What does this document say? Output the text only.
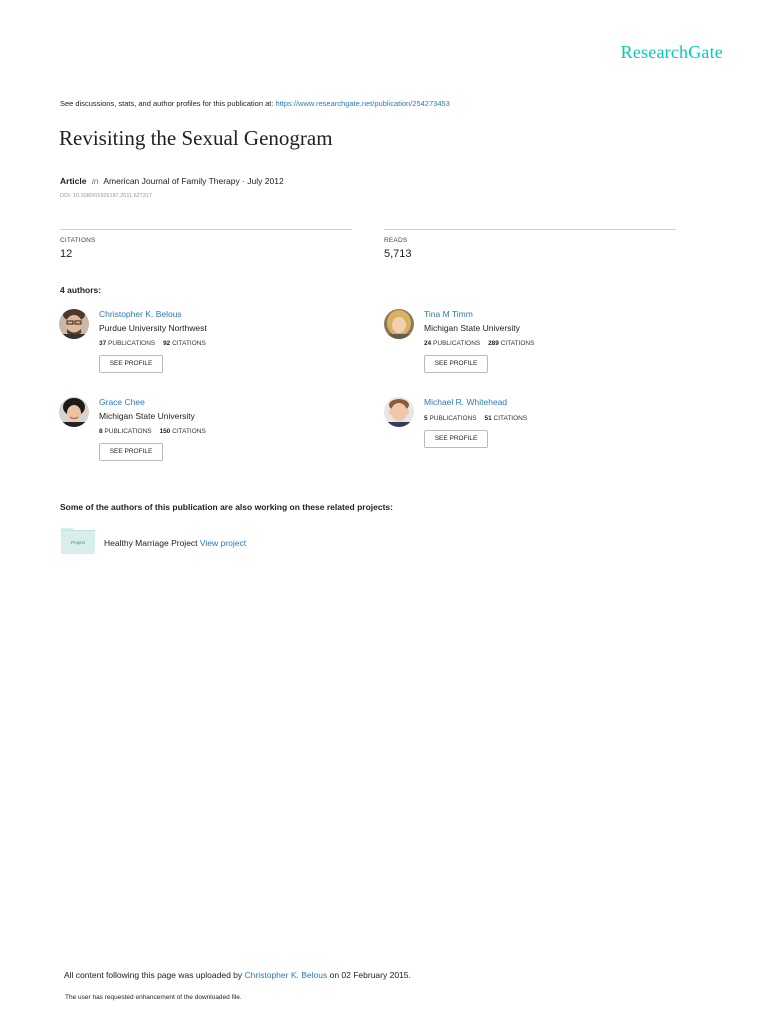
ResearchGate
See discussions, stats, and author profiles for this publication at: https://www.researchgate.net/publication/254273453
Revisiting the Sexual Genogram
Article in American Journal of Family Therapy · July 2012
DOI: 10.1080/01926187.2011.627317
CITATIONS
12
READS
5,713
4 authors:
Christopher K. Belous
Purdue University Northwest
37 PUBLICATIONS 92 CITATIONS
SEE PROFILE
Tina M Timm
Michigan State University
24 PUBLICATIONS 289 CITATIONS
SEE PROFILE
Grace Chee
Michigan State University
8 PUBLICATIONS 150 CITATIONS
SEE PROFILE
Michael R. Whitehead
5 PUBLICATIONS 51 CITATIONS
SEE PROFILE
Some of the authors of this publication are also working on these related projects:
Project	Healthy Marriage Project View project
All content following this page was uploaded by Christopher K. Belous on 02 February 2015.
The user has requested enhancement of the downloaded file.
